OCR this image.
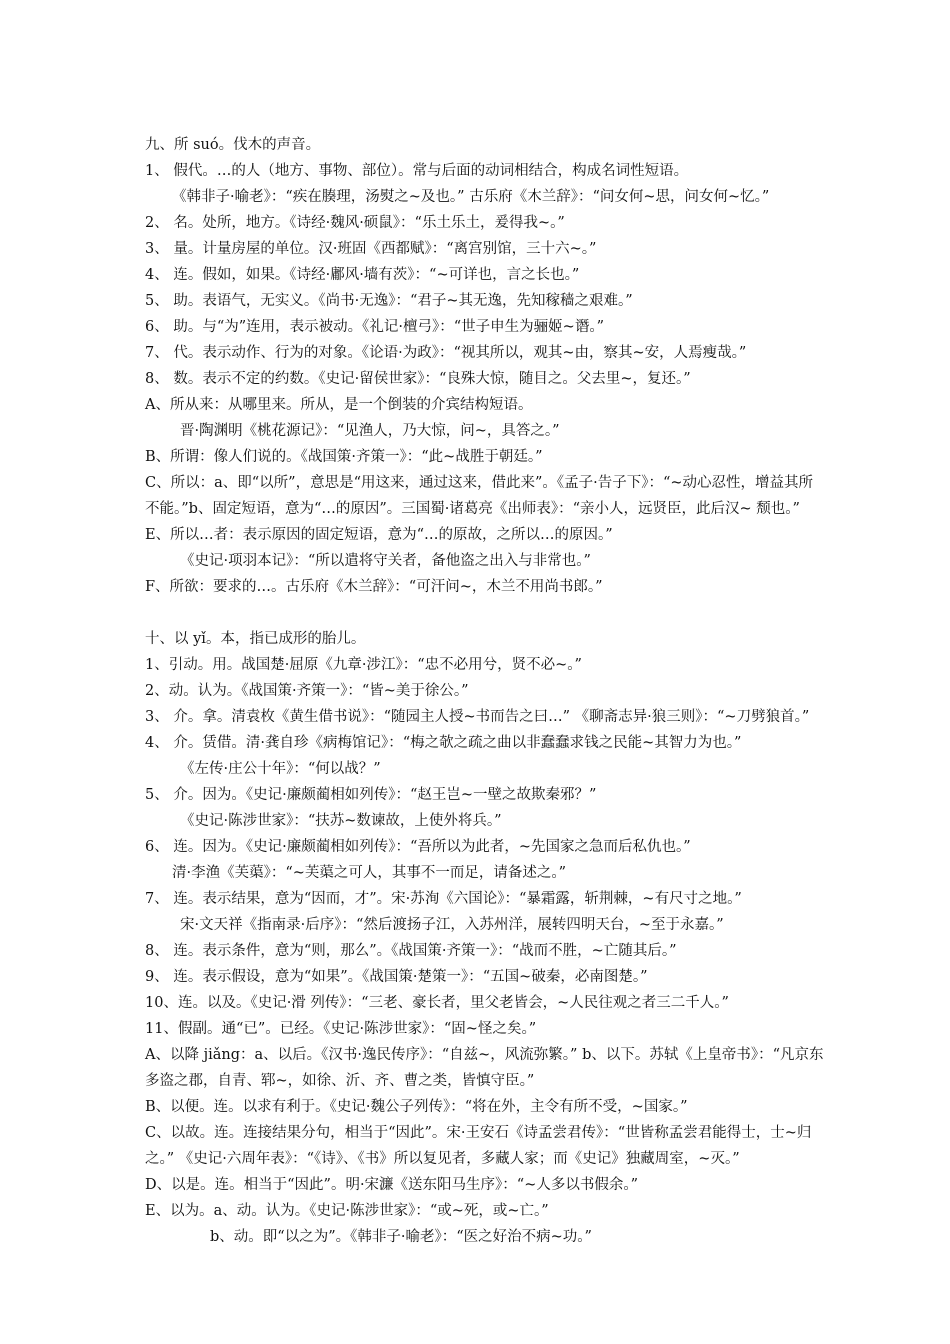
九、所 suó。伐木的声音。
1、 假代。…的人（地方、事物、部位）。常与后面的动词相结合，构成名词性短语。
《韩非子·喻老》：“疾在腠理，汤熨之~及也。” 古乐府《木兰辞》：“问女何~思，问女何~忆。”
2、 名。处所，地方。《诗经·魏风·硕鼠》：“乐土乐土，爰得我~。”
3、 量。计量房屋的单位。汉·班固《西都赋》：“离宫别馆，三十六~。”
4、 连。假如，如果。《诗经·鄘风·墙有茨》：“~可详也，言之长也。”
5、 助。表语气，无实义。《尚书·无逸》：“君子~其无逸，先知稼穑之艰难。”
6、 助。与“为”连用，表示被动。《礼记·檀弓》：“世子申生为骊姬~谮。”
7、 代。表示动作、行为的对象。《论语·为政》：“视其所以，观其~由，察其~安，人焉瘦哉。”
8、 数。表示不定的约数。《史记·留侯世家》：“良殊大惊，随目之。父去里~，复还。”
A、所从来：从哪里来。所从，是一个倒装的介宾结构短语。
晋·陶渊明《桃花源记》：“见渔人，乃大惊，问~，具答之。”
B、所谓：像人们说的。《战国策·齐策一》：“此~战胜于朝廷。”
C、所以：a、即“以所”，意思是“用这来，通过这来，借此来”。《孟子·告子下》：“~动心忍性，增益其所
不能。”b、固定短语，意为“…的原因”。三国蜀·诸葛亮《出师表》：“亲小人，远贤臣，此后汉~ 颓也。”
E、所以…者：表示原因的固定短语，意为“…的原故，之所以…的原因。”
《史记·项羽本记》：“所以遣将守关者，备他盗之出入与非常也。”
F、所欲：要求的…。古乐府《木兰辞》：“可汗问~，木兰不用尚书郎。”
十、以 yǐ。本，指已成形的胎儿。
1、引动。用。战国楚·屈原《九章·涉江》：“忠不必用兮，贤不必~。”
2、动。认为。《战国策·齐策一》：“皆~美于徐公。”
3、 介。拿。清袁枚《黄生借书说》：“随园主人授~书而告之曰…” 《聊斋志异·狼三则》：“~刀劈狼首。”
4、 介。赁借。清·龚自珍《病梅馆记》：“梅之欹之疏之曲以非蠢蠢求钱之民能~其智力为也。”
《左传·庄公十年》：“何以战？”
5、 介。因为。《史记·廉颇蔺相如列传》：“赵王岂~一壁之故欺秦邪？”
《史记·陈涉世家》：“扶苏~数谏故，上使外将兵。”
6、 连。因为。《史记·廉颇蔺相如列传》：“吾所以为此者，~先国家之急而后私仇也。”
清·李渔《芙蕖》：“~芙蕖之可人，其事不一而足，请备述之。”
7、 连。表示结果，意为“因而，才”。宋·苏洵《六国论》：“暴霜露，斩荆棘，~有尺寸之地。”
宋·文天祥《指南录·后序》：“然后渡扬子江，入苏州洋，展转四明天台，~至于永嘉。”
8、 连。表示条件，意为“则，那么”。《战国策·齐策一》：“战而不胜，~亡随其后。”
9、 连。表示假设，意为“如果”。《战国策·楚策一》：“五国~破秦，必南图楚。”
10、连。以及。《史记·滑 列传》：“三老、豪长者，里父老皆会，~人民往观之者三二千人。”
11、假副。通“已”。已经。《史记·陈涉世家》：“固~怪之矣。”
A、以降 jiǎng：a、以后。《汉书·逸民传序》：“自兹~，风流弥繁。” b、以下。苏轼《上皇帝书》：“凡京东
多盗之郡，自青、郓~，如徐、沂、齐、曹之类，皆慎守臣。”
B、以便。连。以求有利于。《史记·魏公子列传》：“将在外，主令有所不受，~国家。”
C、以故。连。连接结果分句，相当于“因此”。宋·王安石《诗孟尝君传》：“世皆称孟尝君能得士，士~归
之。” 《史记·六周年表》：“《诗》、《书》所以复见者，多藏人家；而《史记》独藏周室，~灭。”
D、以是。连。相当于“因此”。明·宋濂《送东阳马生序》：“~人多以书假余。”
E、以为。a、动。认为。《史记·陈涉世家》：“或~死，或~亡。”
b、动。即“以之为”。《韩非子·喻老》：“医之好治不病~功。”
